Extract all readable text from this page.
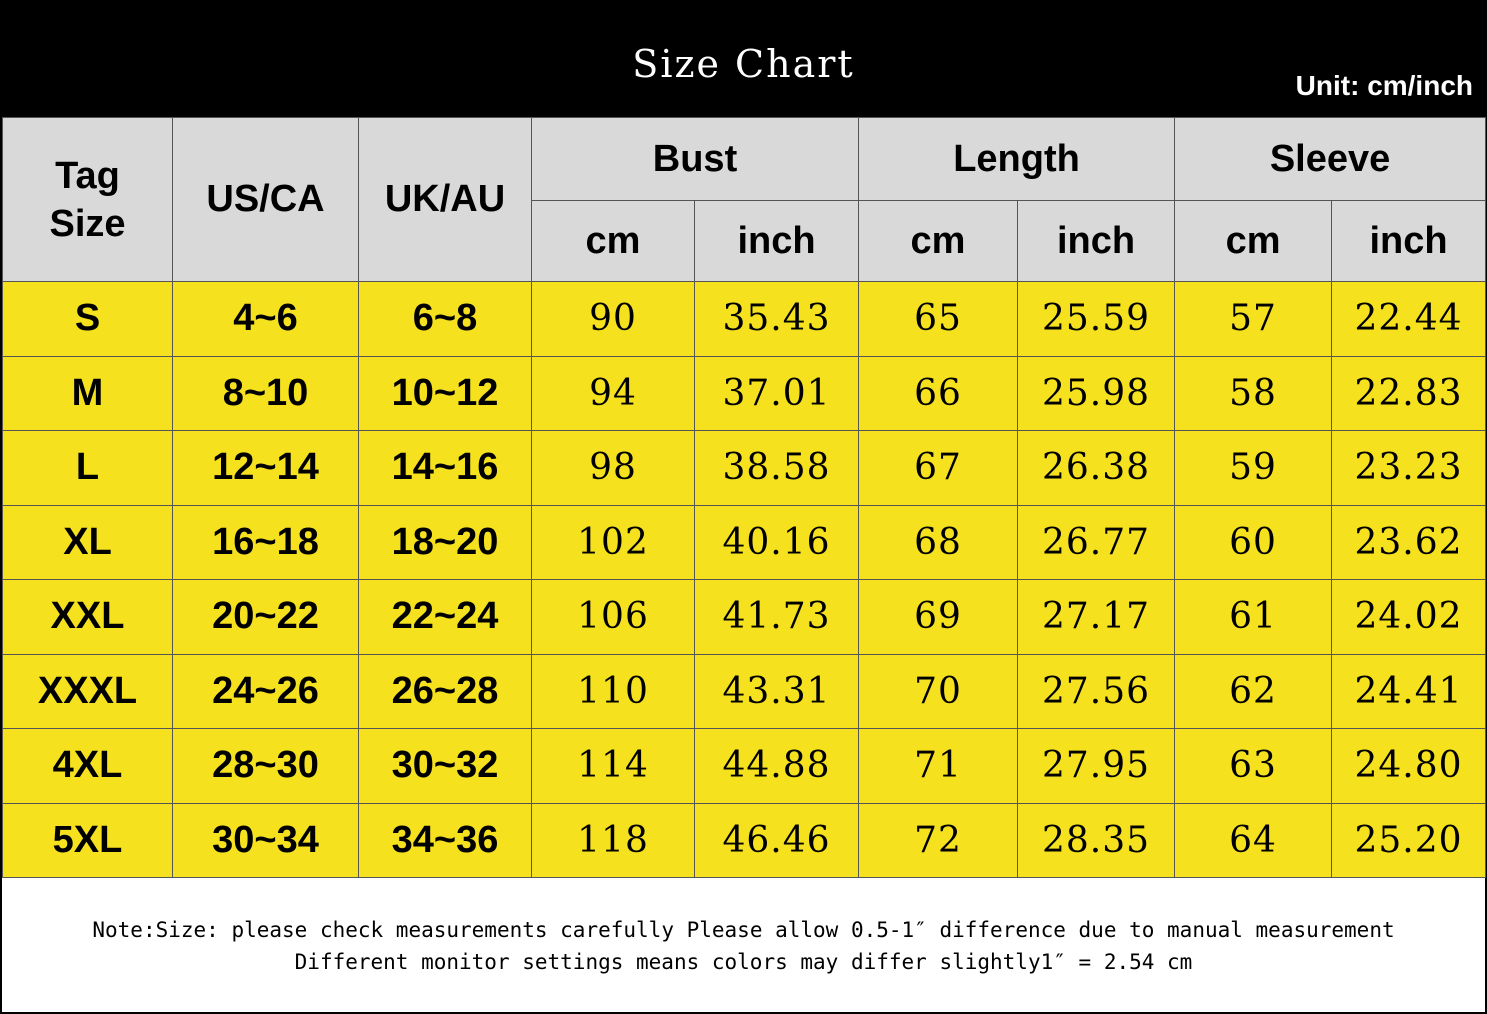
Size Chart	Unit: cm/inch
Tag
Size	US/CA	UK/AU	Bust		Length		Sleeve	
			cm	inch	cm	inch	cm	inch
S	4~6	6~8	90	35.43	65	25.59	57	22.44
M	8~10	10~12	94	37.01	66	25.98	58	22.83
L	12~14	14~16	98	38.58	67	26.38	59	23.23
XL	16~18	18~20	102	40.16	68	26.77	60	23.62
XXL	20~22	22~24	106	41.73	69	27.17	61	24.02
XXXL	24~26	26~28	110	43.31	70	27.56	62	24.41
4XL	28~30	30~32	114	44.88	71	27.95	63	24.80
5XL	30~34	34~36	118	46.46	72	28.35	64	25.20
Note:Size: please check measurements carefully Please allow 0.5-1″ difference due to manual measurement
Different monitor settings means colors may differ slightly1″ = 2.54 cm
